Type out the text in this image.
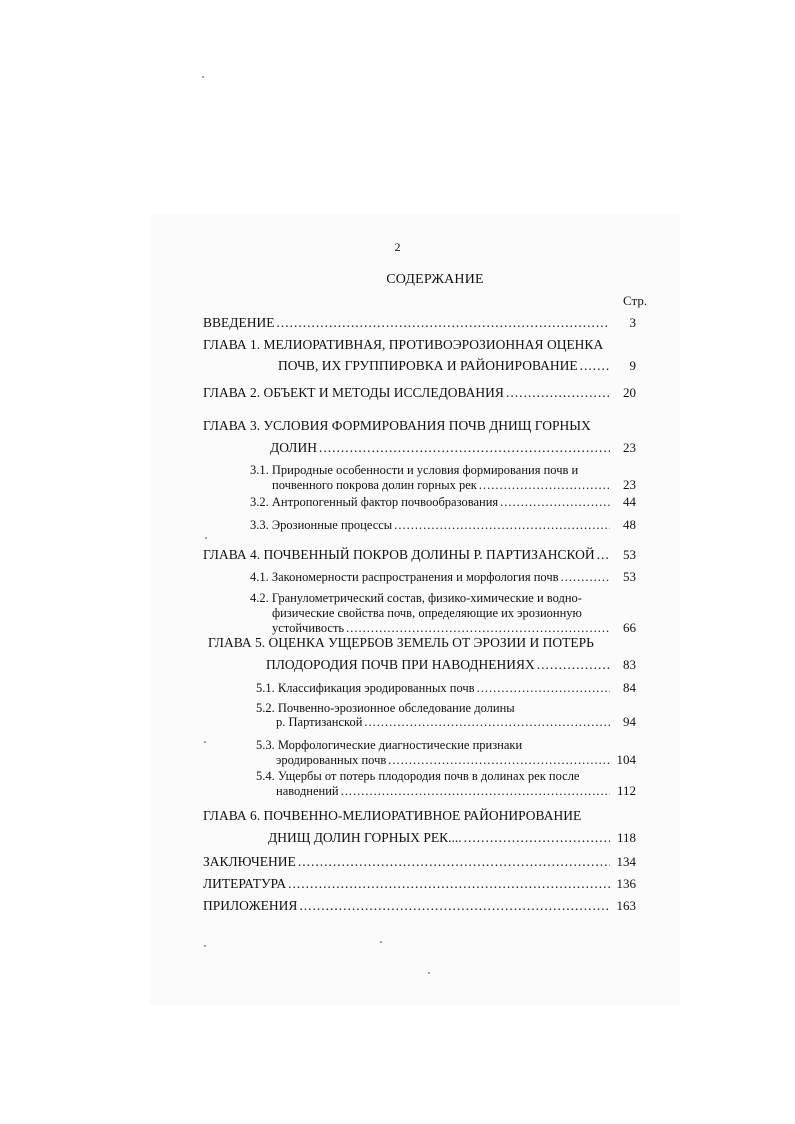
2
СОДЕРЖАНИЕ
Стр.
ВВЕДЕНИЕ .....	3
ГЛАВА 1. МЕЛИОРАТИВНАЯ, ПРОТИВОЭРОЗИОННАЯ ОЦЕНКА
ПОЧВ, ИХ ГРУППИРОВКА И РАЙОНИРОВАНИЕ .....	9
ГЛАВА 2. ОБЪЕКТ И МЕТОДЫ ИССЛЕДОВАНИЯ .....	20
ГЛАВА 3. УСЛОВИЯ ФОРМИРОВАНИЯ ПОЧВ ДНИЩ ГОРНЫХ
ДОЛИН .....	23
3.1. Природные особенности и условия формирования почв и
почвенного покрова долин горных рек .....	23
3.2. Антропогенный фактор почвообразования .....	44
3.3. Эрозионные процессы .....	48
ГЛАВА 4. ПОЧВЕННЫЙ ПОКРОВ ДОЛИНЫ Р. ПАРТИЗАНСКОЙ .....	53
4.1. Закономерности распространения и морфология почв .....	53
4.2. Гранулометрический состав, физико-химические и водно-
физические свойства почв, определяющие их эрозионную
устойчивость .....	66
ГЛАВА 5. ОЦЕНКА УЩЕРБОВ ЗЕМЕЛЬ ОТ ЭРОЗИИ И ПОТЕРЬ
ПЛОДОРОДИЯ ПОЧВ ПРИ НАВОДНЕНИЯХ .....	83
5.1. Классификация эродированных почв .....	84
5.2. Почвенно-эрозионное обследование долины
р. Партизанской .....	94
5.3. Морфологические диагностические признаки
эродированных почв .....	104
5.4. Ущербы от потерь плодородия почв в долинах рек после
наводнений .....	112
ГЛАВА 6. ПОЧВЕННО-МЕЛИОРАТИВНОЕ РАЙОНИРОВАНИЕ
ДНИЩ ДОЛИН ГОРНЫХ РЕК.... .....	118
ЗАКЛЮЧЕНИЕ .....	134
ЛИТЕРАТУРА .....	136
ПРИЛОЖЕНИЯ .....	163
